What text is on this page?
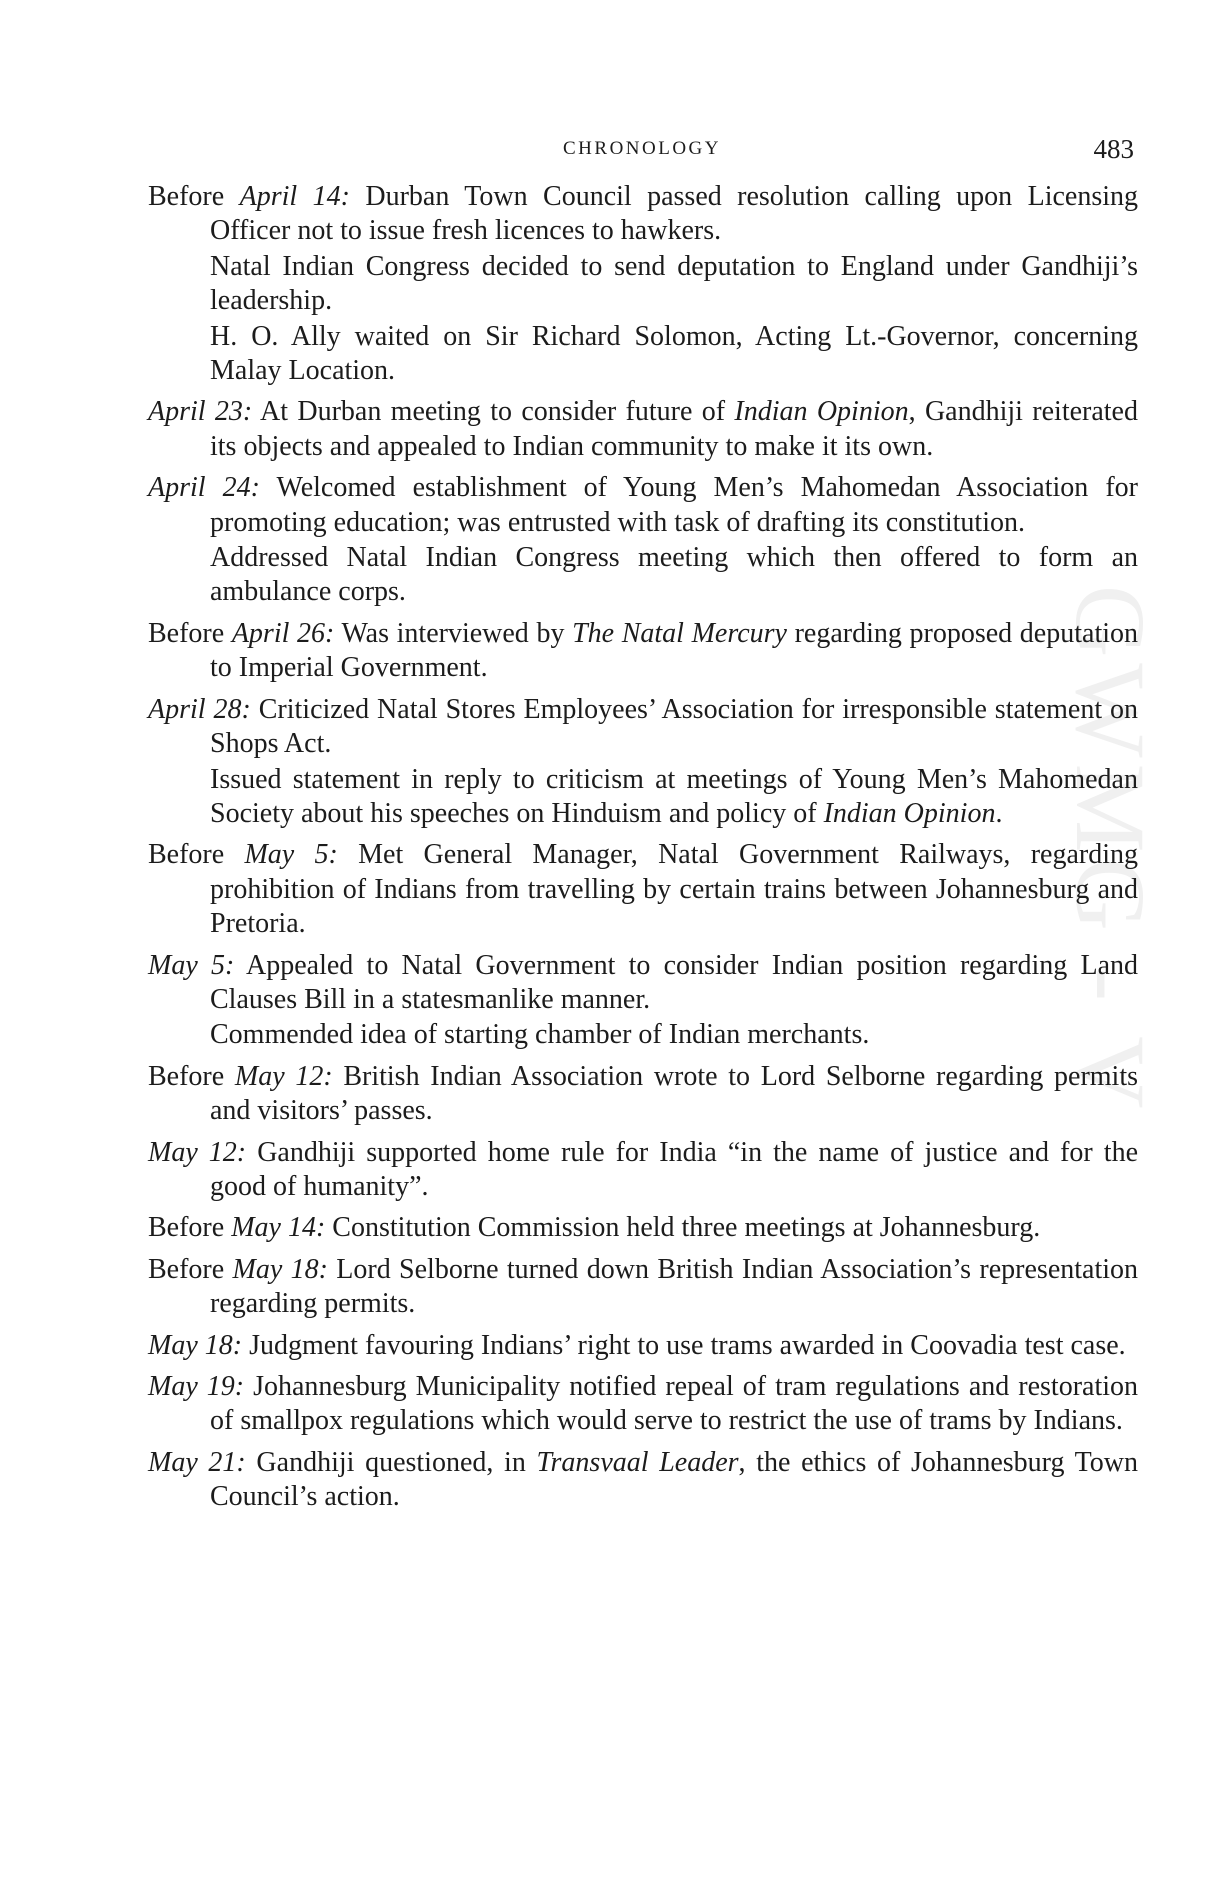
CHRONOLOGY	483
GWMG - V
Before April 14: Durban Town Council passed resolution calling upon Licensing Officer not to issue fresh licences to hawkers.
Natal Indian Congress decided to send deputation to England under Gandhiji’s leadership.
H. O. Ally waited on Sir Richard Solomon, Acting Lt.-Governor, concerning Malay Location.
April 23: At Durban meeting to consider future of Indian Opinion, Gandhiji reiterated its objects and appealed to Indian community to make it its own.
April 24: Welcomed establishment of Young Men’s Mahomedan Association for promoting education; was entrusted with task of drafting its constitution.
Addressed Natal Indian Congress meeting which then offered to form an ambulance corps.
Before April 26: Was interviewed by The Natal Mercury regarding proposed deputation to Imperial Government.
April 28: Criticized Natal Stores Employees’ Association for irresponsible statement on Shops Act.
Issued statement in reply to criticism at meetings of Young Men’s Mahomedan Society about his speeches on Hinduism and policy of Indian Opinion.
Before May 5: Met General Manager, Natal Government Railways, regarding prohibition of Indians from travelling by certain trains between Johannesburg and Pretoria.
May 5: Appealed to Natal Government to consider Indian position regarding Land Clauses Bill in a statesmanlike manner.
Commended idea of starting chamber of Indian merchants.
Before May 12: British Indian Association wrote to Lord Selborne regarding permits and visitors’ passes.
May 12: Gandhiji supported home rule for India “in the name of justice and for the good of humanity”.
Before May 14: Constitution Commission held three meetings at Johannesburg.
Before May 18: Lord Selborne turned down British Indian Association’s representation regarding permits.
May 18: Judgment favouring Indians’ right to use trams awarded in Coovadia test case.
May 19: Johannesburg Municipality notified repeal of tram regulations and restoration of smallpox regulations which would serve to restrict the use of trams by Indians.
May 21: Gandhiji questioned, in Transvaal Leader, the ethics of Johannesburg Town Council’s action.
